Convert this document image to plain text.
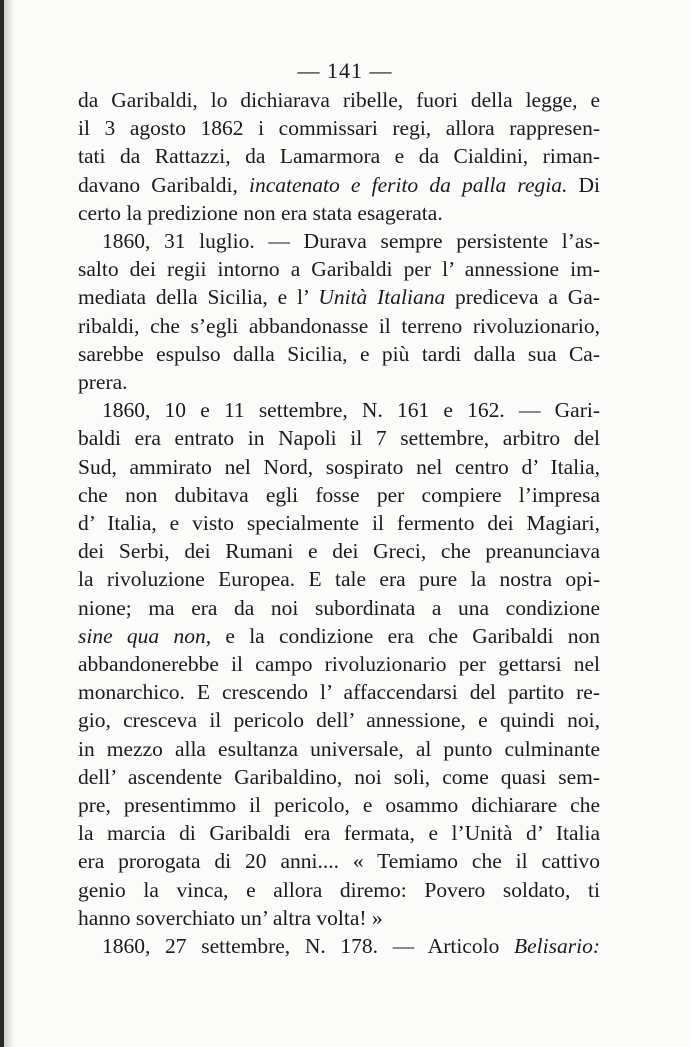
— 141 —
da Garibaldi, lo dichiarava ribelle, fuori della legge, e
il 3 agosto 1862 i commissari regi, allora rappresen-
tati da Rattazzi, da Lamarmora e da Cialdini, riman-
davano Garibaldi, incatenato e ferito da palla regia. Di
certo la predizione non era stata esagerata.
1860, 31 luglio. — Durava sempre persistente l’as-
salto dei regii intorno a Garibaldi per l’ annessione im-
mediata della Sicilia, e l’ Unità Italiana prediceva a Ga-
ribaldi, che s’egli abbandonasse il terreno rivoluzionario,
sarebbe espulso dalla Sicilia, e più tardi dalla sua Ca-
prera.
1860, 10 e 11 settembre, N. 161 e 162. — Gari-
baldi era entrato in Napoli il 7 settembre, arbitro del
Sud, ammirato nel Nord, sospirato nel centro d’ Italia,
che non dubitava egli fosse per compiere l’impresa
d’ Italia, e visto specialmente il fermento dei Magiari,
dei Serbi, dei Rumani e dei Greci, che preanunciava
la rivoluzione Europea. E tale era pure la nostra opi-
nione; ma era da noi subordinata a una condizione
sine qua non, e la condizione era che Garibaldi non
abbandonerebbe il campo rivoluzionario per gettarsi nel
monarchico. E crescendo l’ affaccendarsi del partito re-
gio, cresceva il pericolo dell’ annessione, e quindi noi,
in mezzo alla esultanza universale, al punto culminante
dell’ ascendente Garibaldino, noi soli, come quasi sem-
pre, presentimmo il pericolo, e osammo dichiarare che
la marcia di Garibaldi era fermata, e l’Unità d’ Italia
era prorogata di 20 anni.... « Temiamo che il cattivo
genio la vinca, e allora diremo: Povero soldato, ti
hanno soverchiato un’ altra volta! »
1860, 27 settembre, N. 178. — Articolo Belisario:
